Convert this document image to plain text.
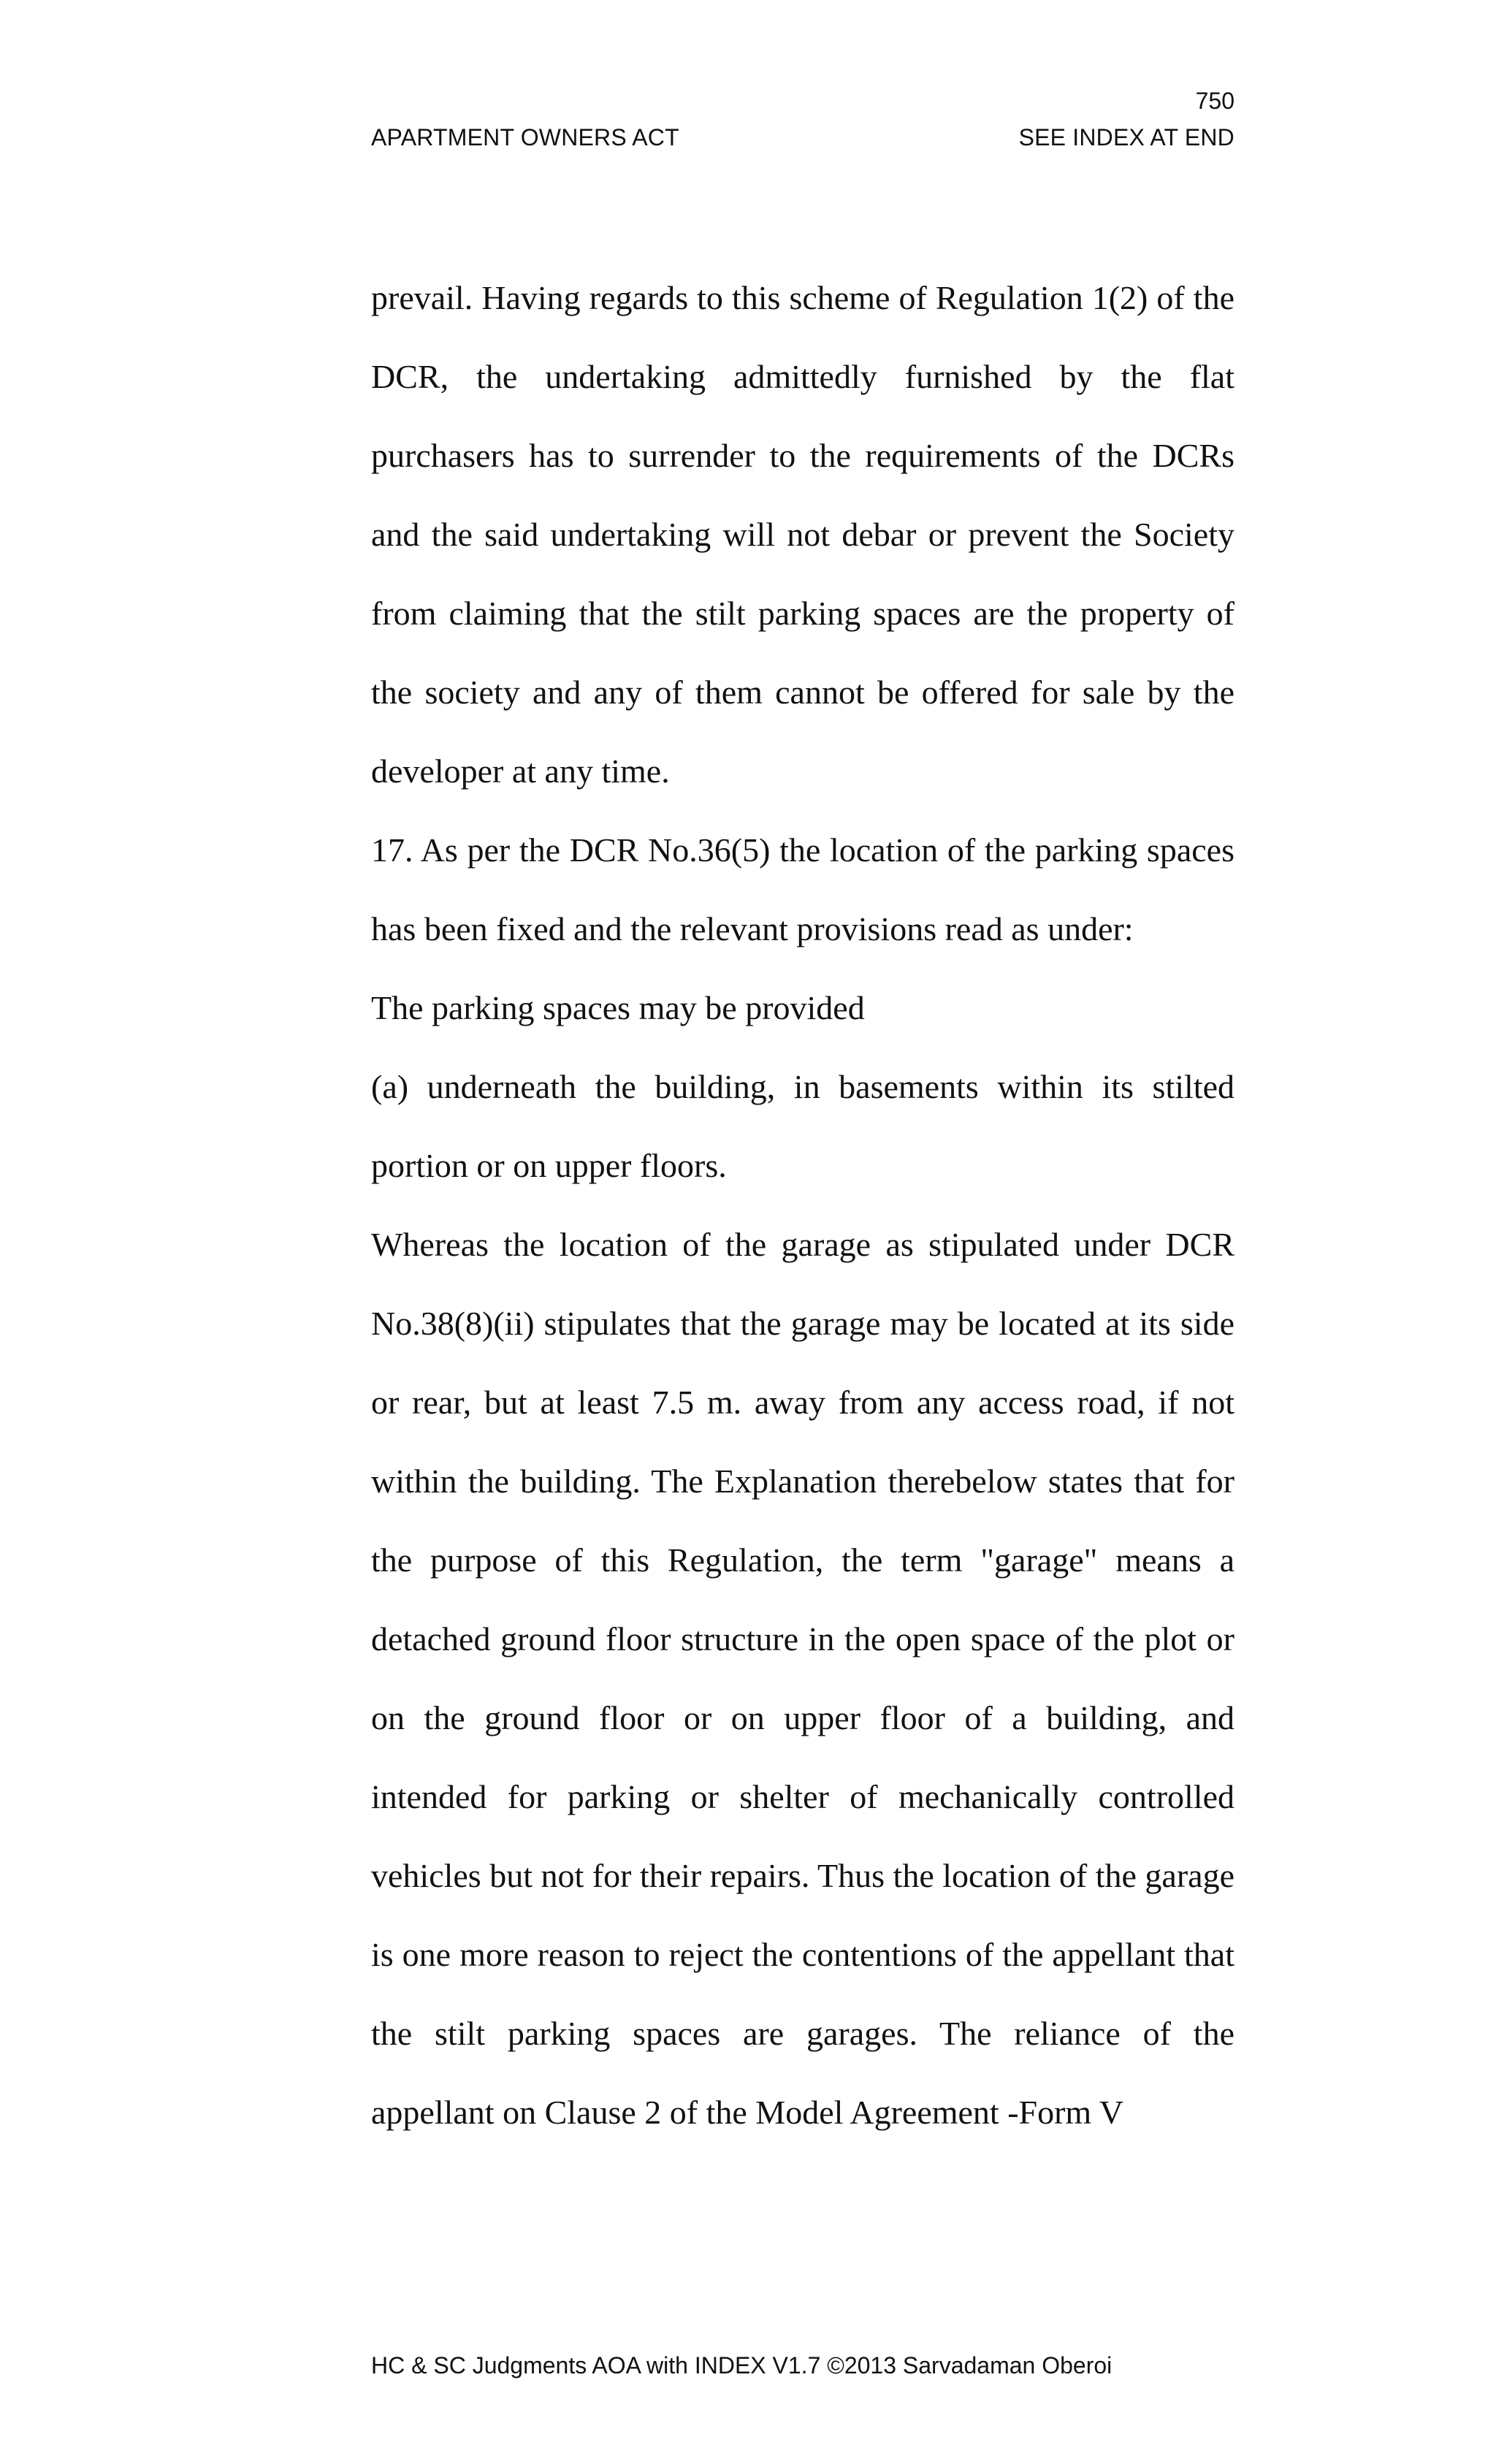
750
APARTMENT OWNERS ACT	SEE INDEX AT END

prevail. Having regards to this scheme of Regulation 1(2) of the DCR, the undertaking admittedly furnished by the flat purchasers has to surrender to the requirements of the DCRs and the said undertaking will not debar or prevent the Society from claiming that the stilt parking spaces are the property of the society and any of them cannot be offered for sale by the developer at any time.

17. As per the DCR No.36(5) the location of the parking spaces has been fixed and the relevant provisions read as under:

The parking spaces may be provided

(a) underneath the building, in basements within its stilted portion or on upper floors.

Whereas the location of the garage as stipulated under DCR No.38(8)(ii) stipulates that the garage may be located at its side or rear, but at least 7.5 m. away from any access road, if not within the building. The Explanation therebelow states that for the purpose of this Regulation, the term "garage" means a detached ground floor structure in the open space of the plot or on the ground floor or on upper floor of a building, and intended for parking or shelter of mechanically controlled vehicles but not for their repairs. Thus the location of the garage is one more reason to reject the contentions of the appellant that the stilt parking spaces are garages. The reliance of the appellant on Clause 2 of the Model Agreement -Form V

HC & SC Judgments AOA with INDEX V1.7 ©2013 Sarvadaman Oberoi
